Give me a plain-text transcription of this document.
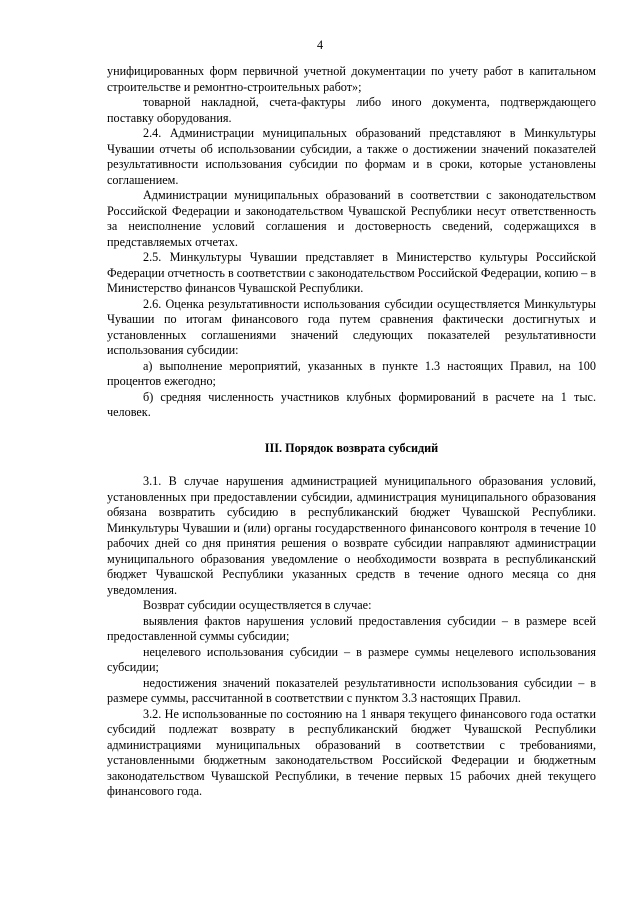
4

унифицированных форм первичной учетной документации по учету работ в капитальном строительстве и ремонтно-строительных работ»;

товарной накладной, счета-фактуры либо иного документа, подтверждающего поставку оборудования.

2.4. Администрации муниципальных образований представляют в Минкультуры Чувашии отчеты об использовании субсидии, а также о достижении значений показателей результативности использования субсидии по формам и в сроки, которые установлены соглашением.

Администрации муниципальных образований в соответствии с законодательством Российской Федерации и законодательством Чувашской Республики несут ответственность за неисполнение условий соглашения и достоверность сведений, содержащихся в представляемых отчетах.

2.5. Минкультуры Чувашии представляет в Министерство культуры Российской Федерации отчетность в соответствии с законодательством Российской Федерации, копию – в Министерство финансов Чувашской Республики.

2.6. Оценка результативности использования субсидии осуществляется Минкультуры Чувашии по итогам финансового года путем сравнения фактически достигнутых и установленных соглашениями значений следующих показателей результативности использования субсидии:

а) выполнение мероприятий, указанных в пункте 1.3 настоящих Правил, на 100 процентов ежегодно;

б) средняя численность участников клубных формирований в расчете на 1 тыс. человек.

III. Порядок возврата субсидий

3.1. В случае нарушения администрацией муниципального образования условий, установленных при предоставлении субсидии, администрация муниципального образования обязана возвратить субсидию в республиканский бюджет Чувашской Республики. Минкультуры Чувашии и (или) органы государственного финансового контроля в течение 10 рабочих дней со дня принятия решения о возврате субсидии направляют администрации муниципального образования уведомление о необходимости возврата в республиканский бюджет Чувашской Республики указанных средств в течение одного месяца со дня уведомления.

Возврат субсидии осуществляется в случае:

выявления фактов нарушения условий предоставления субсидии – в размере всей предоставленной суммы субсидии;

нецелевого использования субсидии – в размере суммы нецелевого использования субсидии;

недостижения значений показателей результативности использования субсидии – в размере суммы, рассчитанной в соответствии с пунктом 3.3 настоящих Правил.

3.2. Не использованные по состоянию на 1 января текущего финансового года остатки субсидий подлежат возврату в республиканский бюджет Чувашской Республики администрациями муниципальных образований в соответствии с требованиями, установленными бюджетным законодательством Российской Федерации и бюджетным законодательством Чувашской Республики, в течение первых 15 рабочих дней текущего финансового года.
